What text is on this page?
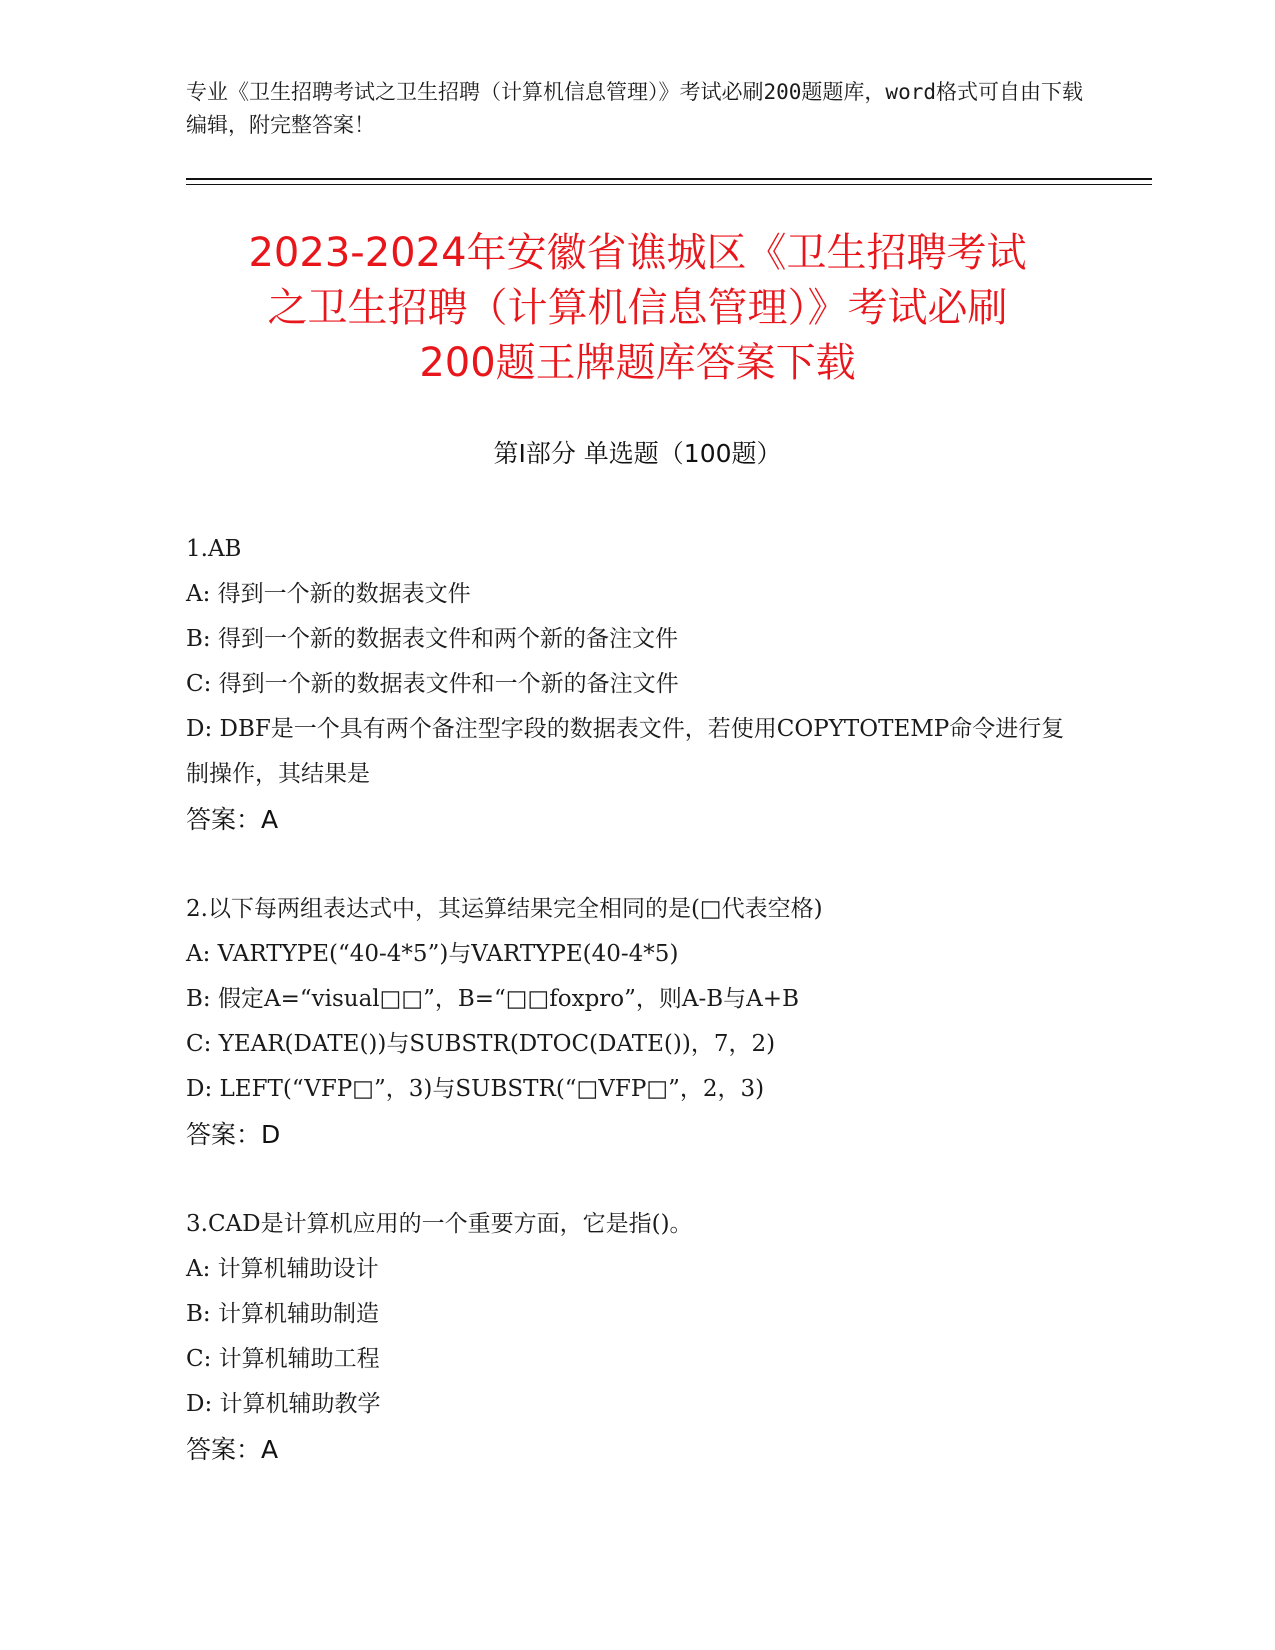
专业《卫生招聘考试之卫生招聘（计算机信息管理）》考试必刷200题题库，word格式可自由下载编辑，附完整答案！
2023-2024年安徽省谯城区《卫生招聘考试
之卫生招聘（计算机信息管理）》考试必刷
200题王牌题库答案下载
第Ⅰ部分 单选题（100题）
1.AB
A: 得到一个新的数据表文件
B: 得到一个新的数据表文件和两个新的备注文件
C: 得到一个新的数据表文件和一个新的备注文件
D: DBF是一个具有两个备注型字段的数据表文件，若使用COPYTOTEMP命令进行复制操作，其结果是
答案：A
2.以下每两组表达式中，其运算结果完全相同的是(□代表空格)
A: VARTYPE(“40-4*5”)与VARTYPE(40-4*5)
B: 假定A=“visual□□”，B=“□□foxpro”，则A-B与A+B
C: YEAR(DATE())与SUBSTR(DTOC(DATE())，7，2)
D: LEFT(“VFP□”，3)与SUBSTR(“□VFP□”，2，3)
答案：D
3.CAD是计算机应用的一个重要方面，它是指()。
A: 计算机辅助设计
B: 计算机辅助制造
C: 计算机辅助工程
D: 计算机辅助教学
答案：A
